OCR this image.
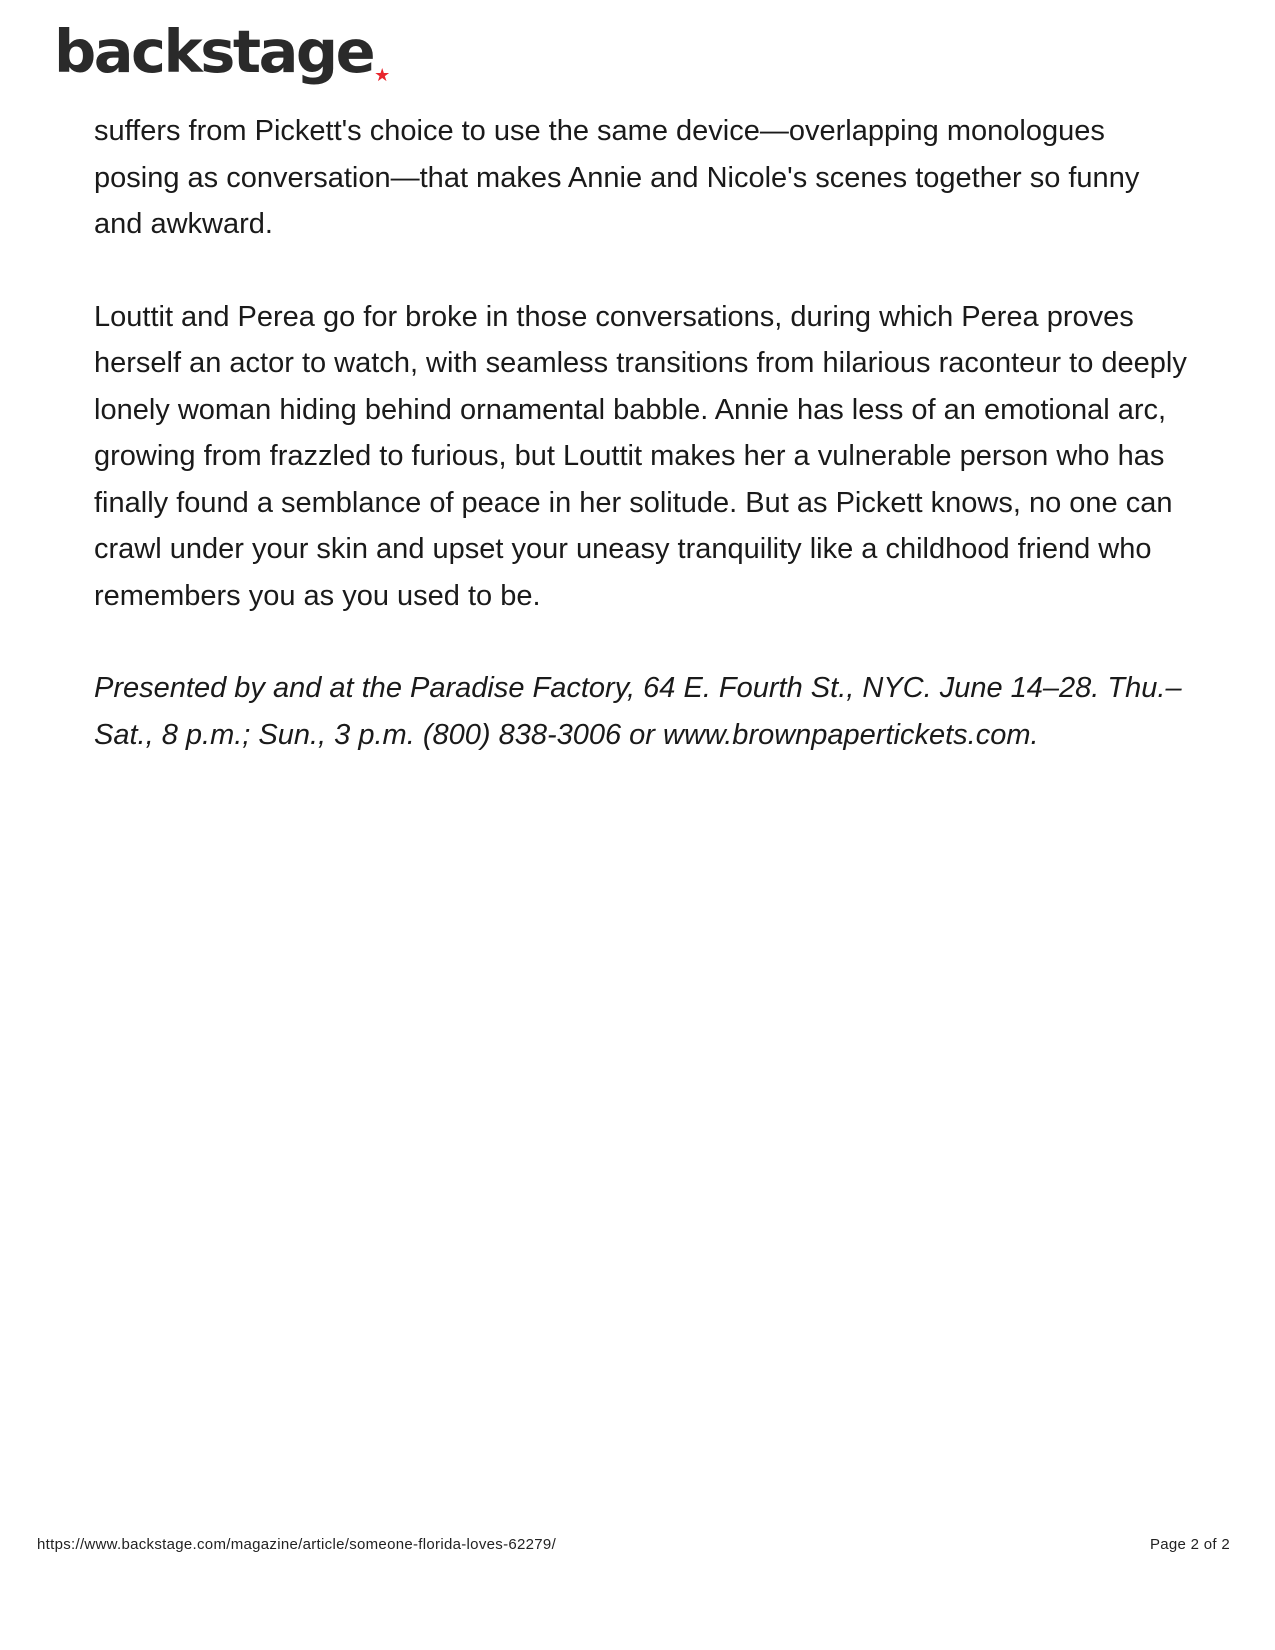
backstage ★

suffers from Pickett's choice to use the same device—overlapping monologues posing as conversation—that makes Annie and Nicole's scenes together so funny and awkward.

Louttit and Perea go for broke in those conversations, during which Perea proves herself an actor to watch, with seamless transitions from hilarious raconteur to deeply lonely woman hiding behind ornamental babble. Annie has less of an emotional arc, growing from frazzled to furious, but Louttit makes her a vulnerable person who has finally found a semblance of peace in her solitude. But as Pickett knows, no one can crawl under your skin and upset your uneasy tranquility like a childhood friend who remembers you as you used to be.

Presented by and at the Paradise Factory, 64 E. Fourth St., NYC. June 14–28. Thu.–Sat., 8 p.m.; Sun., 3 p.m. (800) 838-3006 or www.brownpapertickets.com.

https://www.backstage.com/magazine/article/someone-florida-loves-62279/	Page 2 of 2
